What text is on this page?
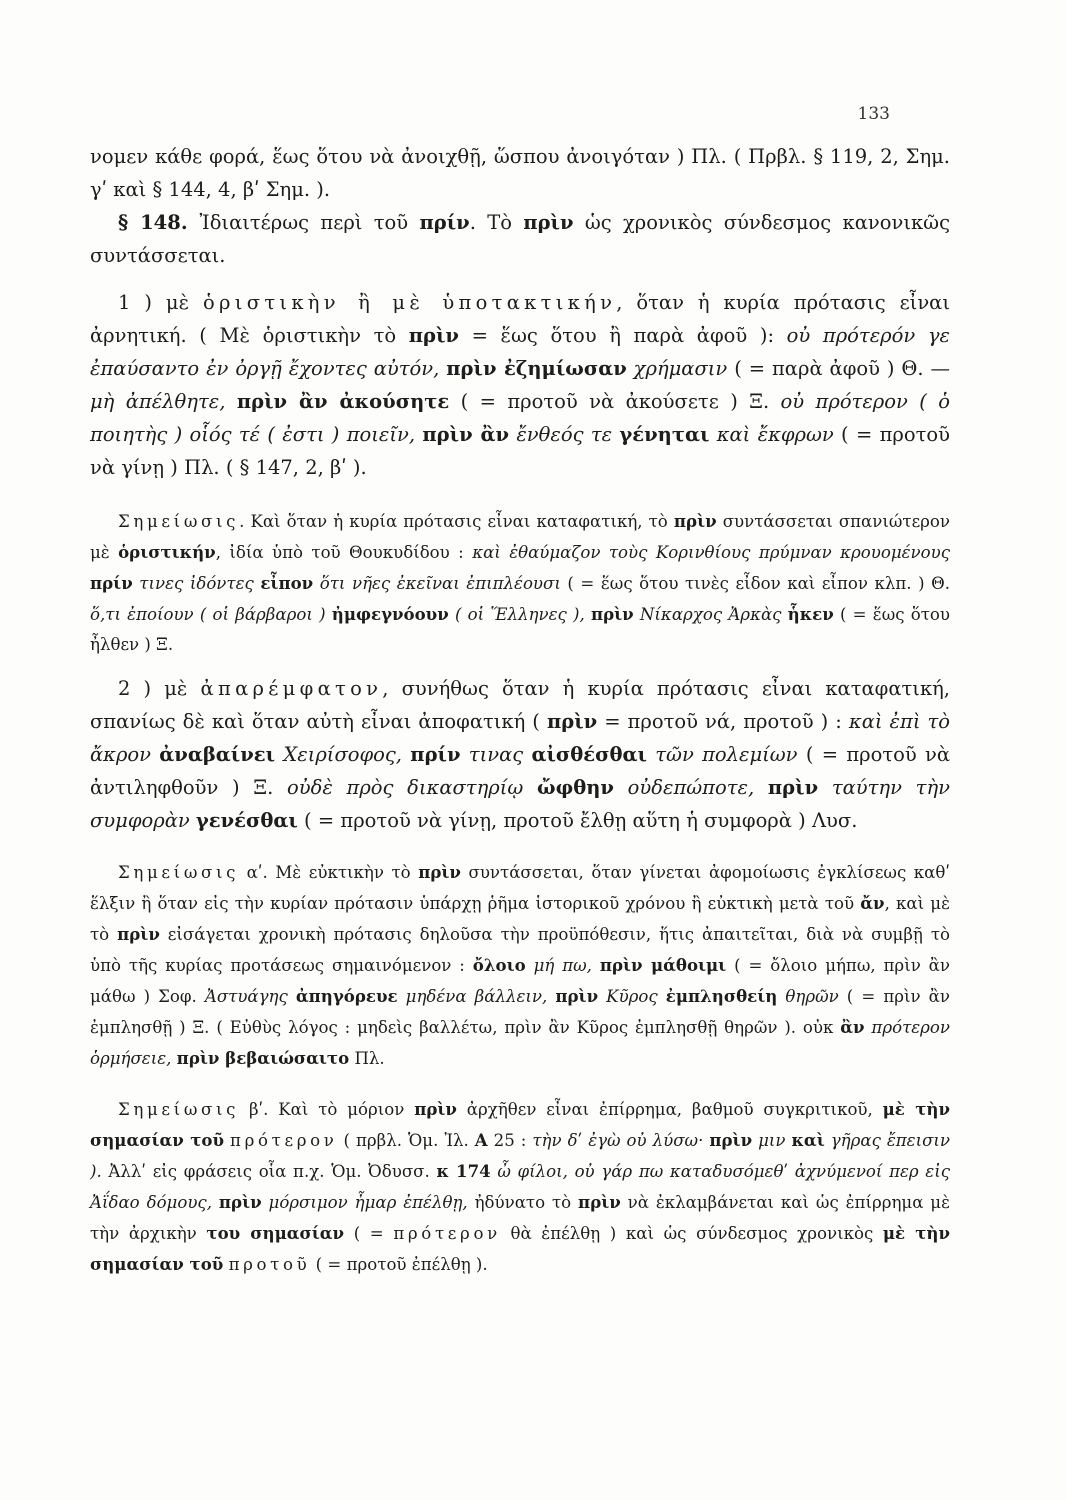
133

νομεν κάθε φορά, ἕως ὅτου νὰ ἀνοιχθῇ, ὥσπου ἀνοιγόταν ) Πλ. ( Πρβλ. § 119, 2, Σημ. γʹ καὶ § 144, 4, βʹ Σημ. ).

§ 148. Ἰδιαιτέρως περὶ τοῦ πρίν. Τὸ πρὶν ὡς χρονικὸς σύνδεσμος κανονικῶς συντάσσεται.

1 ) μὲ ὁριστικὴν ἢ μὲ ὑποτακτικήν, ὅταν ἡ κυρία πρότασις εἶναι ἀρνητική. ( Μὲ ὁριστικὴν τὸ πρὶν = ἕως ὅτου ἢ παρὰ ἀφοῦ ): οὐ πρότερόν γε ἐπαύσαντο ἐν ὀργῇ ἔχοντες αὐτόν, πρὶν ἐζημίωσαν χρήμασιν ( = παρὰ ἀφοῦ ) Θ. — μὴ ἀπέλθητε, πρὶν ἂν ἀκούσητε ( = προτοῦ νὰ ἀκούσετε ) Ξ. οὐ πρότερον ( ὁ ποιητὴς ) οἷός τέ ( ἐστι ) ποιεῖν, πρὶν ἂν ἔνθεός τε γένηται καὶ ἔκφρων ( = προτοῦ νὰ γίνῃ ) Πλ. ( § 147, 2, βʹ ).

Σημείωσις. Καὶ ὅταν ἡ κυρία πρότασις εἶναι καταφατική, τὸ πρὶν συντάσσεται σπανιώτερον μὲ ὁριστικήν, ἰδία ὑπὸ τοῦ Θουκυδίδου : καὶ ἐθαύμαζον τοὺς Κορινθίους πρύμναν κρουομένους πρίν τινες ἰδόντες εἶπον ὅτι νῆες ἐκεῖναι ἐπιπλέουσι ( = ἕως ὅτου τινὲς εἶδον καὶ εἶπον κλπ. ) Θ. ὅ,τι ἐποίουν ( οἱ βάρβαροι ) ἠμφεγνόουν ( οἱ Ἕλληνες ), πρὶν Νίκαρχος Ἀρκὰς ἧκεν ( = ἕως ὅτου ἦλθεν ) Ξ.

2 ) μὲ ἀπαρέμφατον, συνήθως ὅταν ἡ κυρία πρότασις εἶναι καταφατική, σπανίως δὲ καὶ ὅταν αὐτὴ εἶναι ἀποφατική ( πρὶν = προτοῦ νά, προτοῦ ) : καὶ ἐπὶ τὸ ἄκρον ἀναβαίνει Χειρίσοφος, πρίν τινας αἰσθέσθαι τῶν πολεμίων ( = προτοῦ νὰ ἀντιληφθοῦν ) Ξ. οὐδὲ πρὸς δικαστηρίῳ ὤφθην οὐδεπώποτε, πρὶν ταύτην τὴν συμφορὰν γενέσθαι ( = προτοῦ νὰ γίνῃ, προτοῦ ἔλθῃ αὕτη ἡ συμφορὰ ) Λυσ.

Σημείωσις αʹ. Μὲ εὐκτικὴν τὸ πρὶν συντάσσεται, ὅταν γίνεται ἀφομοίωσις ἐγκλίσεως καθʹ ἕλξιν ἢ ὅταν εἰς τὴν κυρίαν πρότασιν ὑπάρχῃ ῥῆμα ἱστορικοῦ χρόνου ἢ εὐκτικὴ μετὰ τοῦ ἄν, καὶ μὲ τὸ πρὶν εἰσάγεται χρονικὴ πρότασις δηλοῦσα τὴν προϋπόθεσιν, ἥτις ἀπαιτεῖται, διὰ νὰ συμβῇ τὸ ὑπὸ τῆς κυρίας προτάσεως σημαινόμενον : ὄλοιο μή πω, πρὶν μάθοιμι ( = ὄλοιο μήπω, πρὶν ἂν μάθω ) Σοφ. Ἀστυάγης ἀπηγόρευε μηδένα βάλλειν, πρὶν Κῦρος ἐμπλησθείη θηρῶν ( = πρὶν ἂν ἐμπλησθῇ ) Ξ. ( Εὐθὺς λόγος : μηδεὶς βαλλέτω, πρὶν ἂν Κῦρος ἐμπλησθῇ θηρῶν ). οὐκ ἂν πρότερον ὁρμήσειε, πρὶν βεβαιώσαιτο Πλ.

Σημείωσις βʹ. Καὶ τὸ μόριον πρὶν ἀρχῆθεν εἶναι ἐπίρρημα, βαθμοῦ συγκριτικοῦ, μὲ τὴν σημασίαν τοῦ πρότερον ( πρβλ. Ὁμ. Ἰλ. Α 25 : τὴν δʹ ἐγὼ οὐ λύσω· πρὶν μιν καὶ γῆρας ἔπεισιν ). Ἀλλʹ εἰς φράσεις οἷα π.χ. Ὁμ. Ὀδυσσ. κ 174 ὦ φίλοι, οὐ γάρ πω καταδυσόμεθʹ ἀχνύμενοί περ εἰς Ἀΐδαο δόμους, πρὶν μόρσιμον ἦμαρ ἐπέλθῃ, ἠδύνατο τὸ πρὶν νὰ ἐκλαμβάνεται καὶ ὡς ἐπίρρημα μὲ τὴν ἀρχικὴν του σημασίαν ( = πρότερον θὰ ἐπέλθῃ ) καὶ ὡς σύνδεσμος χρονικὸς μὲ τὴν σημασίαν τοῦ προτοῦ ( = προτοῦ ἐπέλθῃ ).
